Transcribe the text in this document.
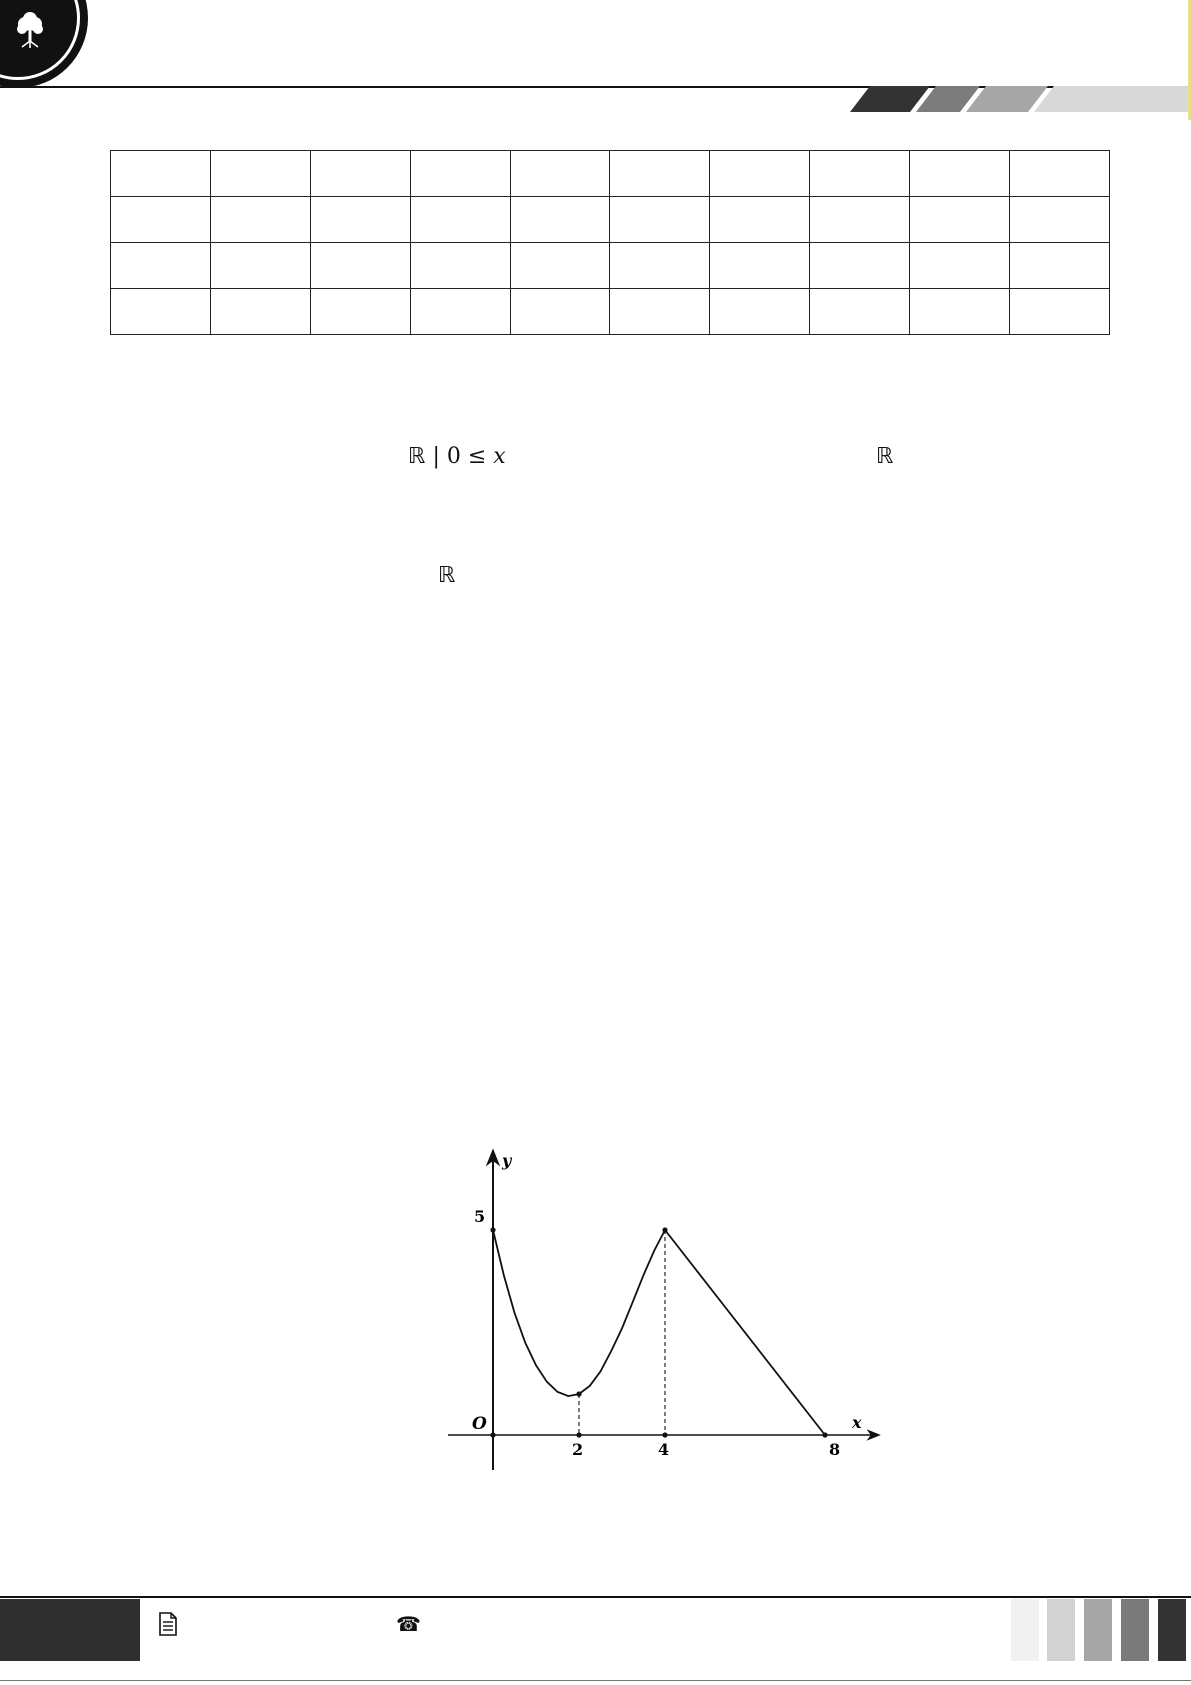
ℝ | 0 ≤ x	ℝ
ℝ
y
x
O
5
2	4	8
☎
